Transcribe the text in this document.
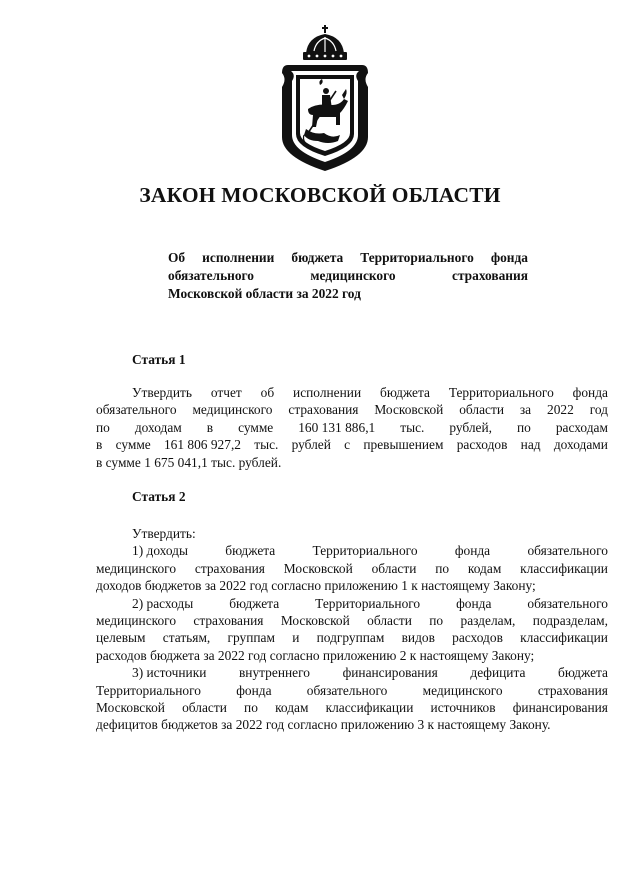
ЗАКОН МОСКОВСКОЙ ОБЛАСТИ
Об исполнении бюджета Территориального фонда
обязательного	медицинского	страхования
Московской области за 2022 год
Статья 1
Утвердить отчет об исполнении бюджета Территориального фонда
обязательного медицинского страхования Московской области за 2022 год
по доходам в сумме 160 131 886,1 тыс. рублей, по расходам
в сумме 161 806 927,2 тыс. рублей с превышением расходов над доходами
в сумме 1 675 041,1 тыс. рублей.
Статья 2
Утвердить:
1) доходы	бюджета	Территориального	фонда	обязательного
медицинского страхования Московской области по кодам классификации
доходов бюджетов за 2022 год согласно приложению 1 к настоящему Закону;
2) расходы	бюджета	Территориального	фонда	обязательного
медицинского страхования Московской области по разделам, подразделам,
целевым статьям, группам и подгруппам видов расходов классификации
расходов бюджета за 2022 год согласно приложению 2 к настоящему Закону;
3) источники внутреннего финансирования дефицита бюджета
Территориального	фонда	обязательного	медицинского	страхования
Московской области по кодам классификации источников финансирования
дефицитов бюджетов за 2022 год согласно приложению 3 к настоящему Закону.
